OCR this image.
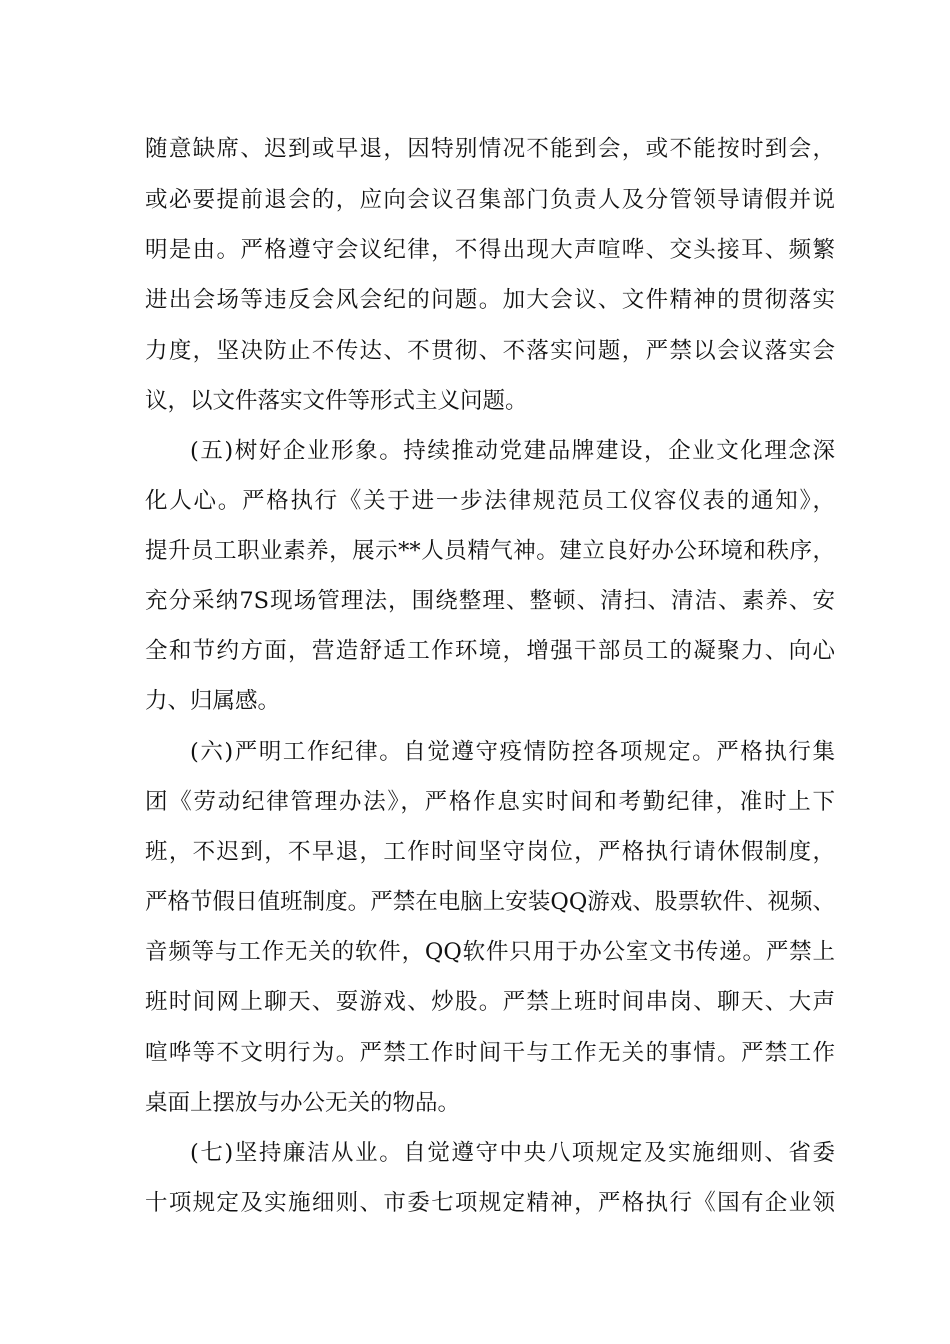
随意缺席、迟到或早退，因特别情况不能到会，或不能按时到会，
或必要提前退会的，应向会议召集部门负责人及分管领导请假并说
明是由。严格遵守会议纪律，不得出现大声喧哗、交头接耳、频繁
进出会场等违反会风会纪的问题。加大会议、文件精神的贯彻落实
力度，坚决防止不传达、不贯彻、不落实问题，严禁以会议落实会
议，以文件落实文件等形式主义问题。
(五)树好企业形象。持续推动党建品牌建设，企业文化理念深
化人心。严格执行《关于进一步法律规范员工仪容仪表的通知》，
提升员工职业素养，展示**人员精气神。建立良好办公环境和秩序，
充分采纳7S现场管理法，围绕整理、整顿、清扫、清洁、素养、安
全和节约方面，营造舒适工作环境，增强干部员工的凝聚力、向心
力、归属感。
(六)严明工作纪律。自觉遵守疫情防控各项规定。严格执行集
团《劳动纪律管理办法》，严格作息实时间和考勤纪律，准时上下
班，不迟到，不早退，工作时间坚守岗位，严格执行请休假制度，
严格节假日值班制度。严禁在电脑上安装QQ游戏、股票软件、视频、
音频等与工作无关的软件，QQ软件只用于办公室文书传递。严禁上
班时间网上聊天、耍游戏、炒股。严禁上班时间串岗、聊天、大声
喧哗等不文明行为。严禁工作时间干与工作无关的事情。严禁工作
桌面上摆放与办公无关的物品。
(七)坚持廉洁从业。自觉遵守中央八项规定及实施细则、省委
十项规定及实施细则、市委七项规定精神，严格执行《国有企业领
